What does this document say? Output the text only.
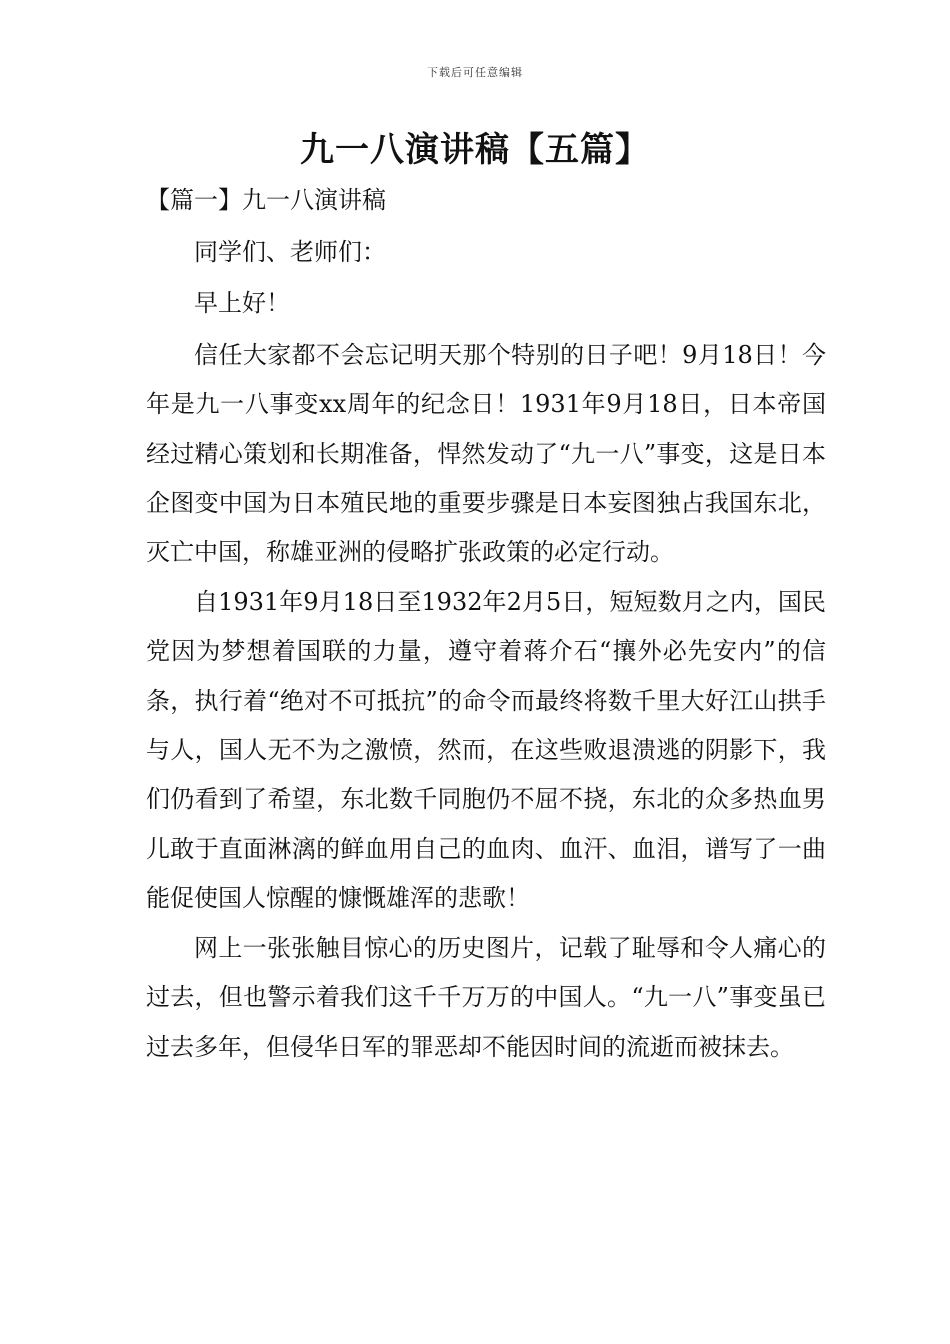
下载后可任意编辑
九一八演讲稿【五篇】
【篇一】九一八演讲稿

同学们、老师们：

早上好！

信任大家都不会忘记明天那个特别的日子吧！9月18日！今年是九一八事变xx周年的纪念日！1931年9月18日，日本帝国经过精心策划和长期准备，悍然发动了“九一八”事变，这是日本企图变中国为日本殖民地的重要步骤是日本妄图独占我国东北，灭亡中国，称雄亚洲的侵略扩张政策的必定行动。

自1931年9月18日至1932年2月5日，短短数月之内，国民党因为梦想着国联的力量，遵守着蒋介石“攘外必先安内”的信条，执行着“绝对不可抵抗”的命令而最终将数千里大好江山拱手与人，国人无不为之激愤，然而，在这些败退溃逃的阴影下，我们仍看到了希望，东北数千同胞仍不屈不挠，东北的众多热血男儿敢于直面淋漓的鲜血用自己的血肉、血汗、血泪，谱写了一曲能促使国人惊醒的慷慨雄浑的悲歌！

网上一张张触目惊心的历史图片，记载了耻辱和令人痛心的过去，但也警示着我们这千千万万的中国人。“九一八”事变虽已过去多年，但侵华日军的罪恶却不能因时间的流逝而被抹去。
